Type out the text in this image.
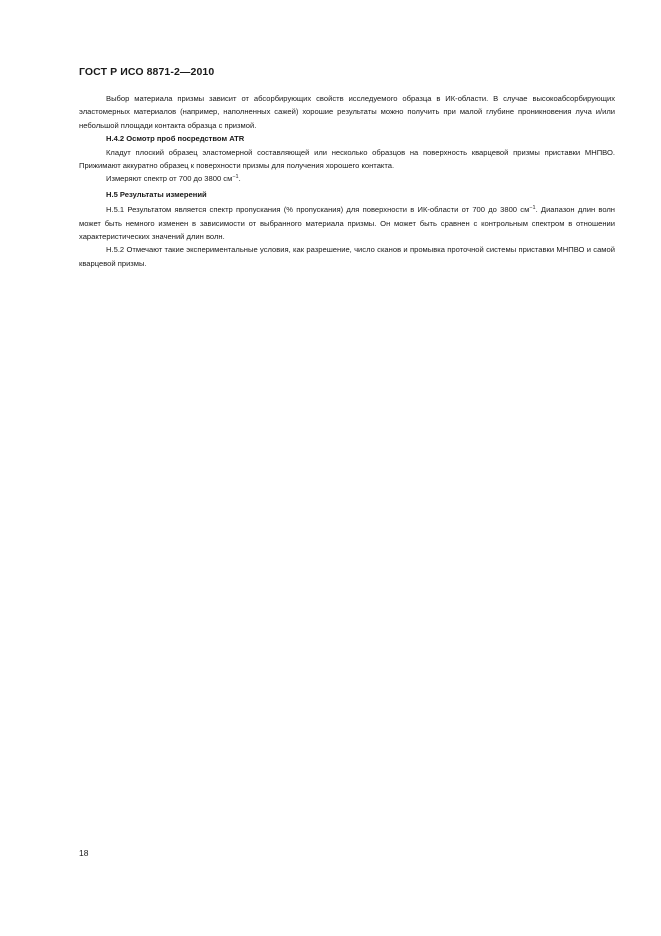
ГОСТ Р ИСО 8871-2—2010

Выбор материала призмы зависит от абсорбирующих свойств исследуемого образца в ИК-области. В случае высокоабсорбирующих эластомерных материалов (например, наполненных сажей) хорошие результаты можно получить при малой глубине проникновения луча и/или небольшой площади контакта образца с призмой.

Н.4.2 Осмотр проб посредством ATR

Кладут плоский образец эластомерной составляющей или несколько образцов на поверхность кварцевой призмы приставки МНПВО. Прижимают аккуратно образец к поверхности призмы для получения хорошего контакта.

Измеряют спектр от 700 до 3800 $см^{-1}$.

Н.5 Результаты измерений

Н.5.1 Результатом является спектр пропускания (% пропускания) для поверхности в ИК-области от 700 до 3800 $см^{-1}$. Диапазон длин волн может быть немного изменен в зависимости от выбранного материала призмы. Он может быть сравнен с контрольным спектром в отношении характеристических значений длин волн.

Н.5.2 Отмечают такие экспериментальные условия, как разрешение, число сканов и промывка проточной системы приставки МНПВО и самой кварцевой призмы.

18
